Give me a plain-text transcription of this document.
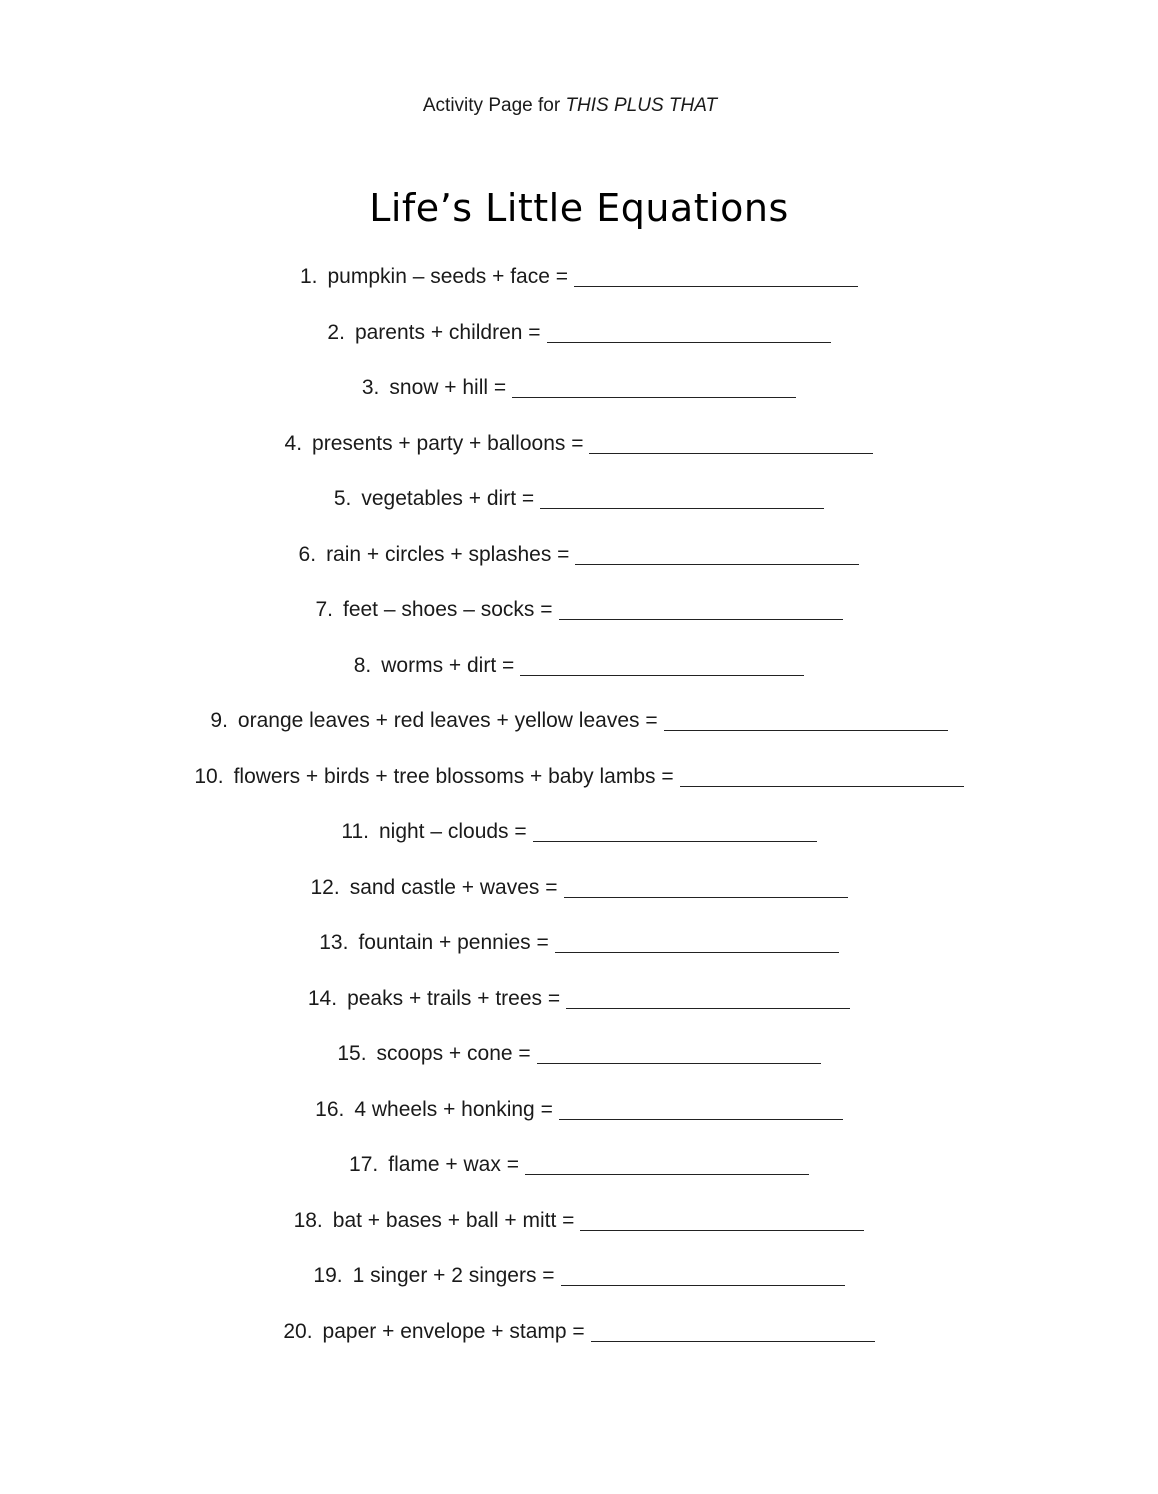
Activity Page for THIS PLUS THAT
Life’s Little Equations
1. pumpkin – seeds + face =
2. parents + children =
3. snow + hill =
4. presents + party + balloons =
5. vegetables + dirt =
6. rain + circles + splashes =
7. feet – shoes – socks =
8. worms + dirt =
9. orange leaves + red leaves + yellow leaves =
10. flowers + birds + tree blossoms + baby lambs =
11. night – clouds =
12. sand castle + waves =
13. fountain + pennies =
14. peaks + trails + trees =
15. scoops + cone =
16. 4 wheels + honking =
17. flame + wax =
18. bat + bases + ball + mitt =
19. 1 singer + 2 singers =
20. paper + envelope + stamp =
